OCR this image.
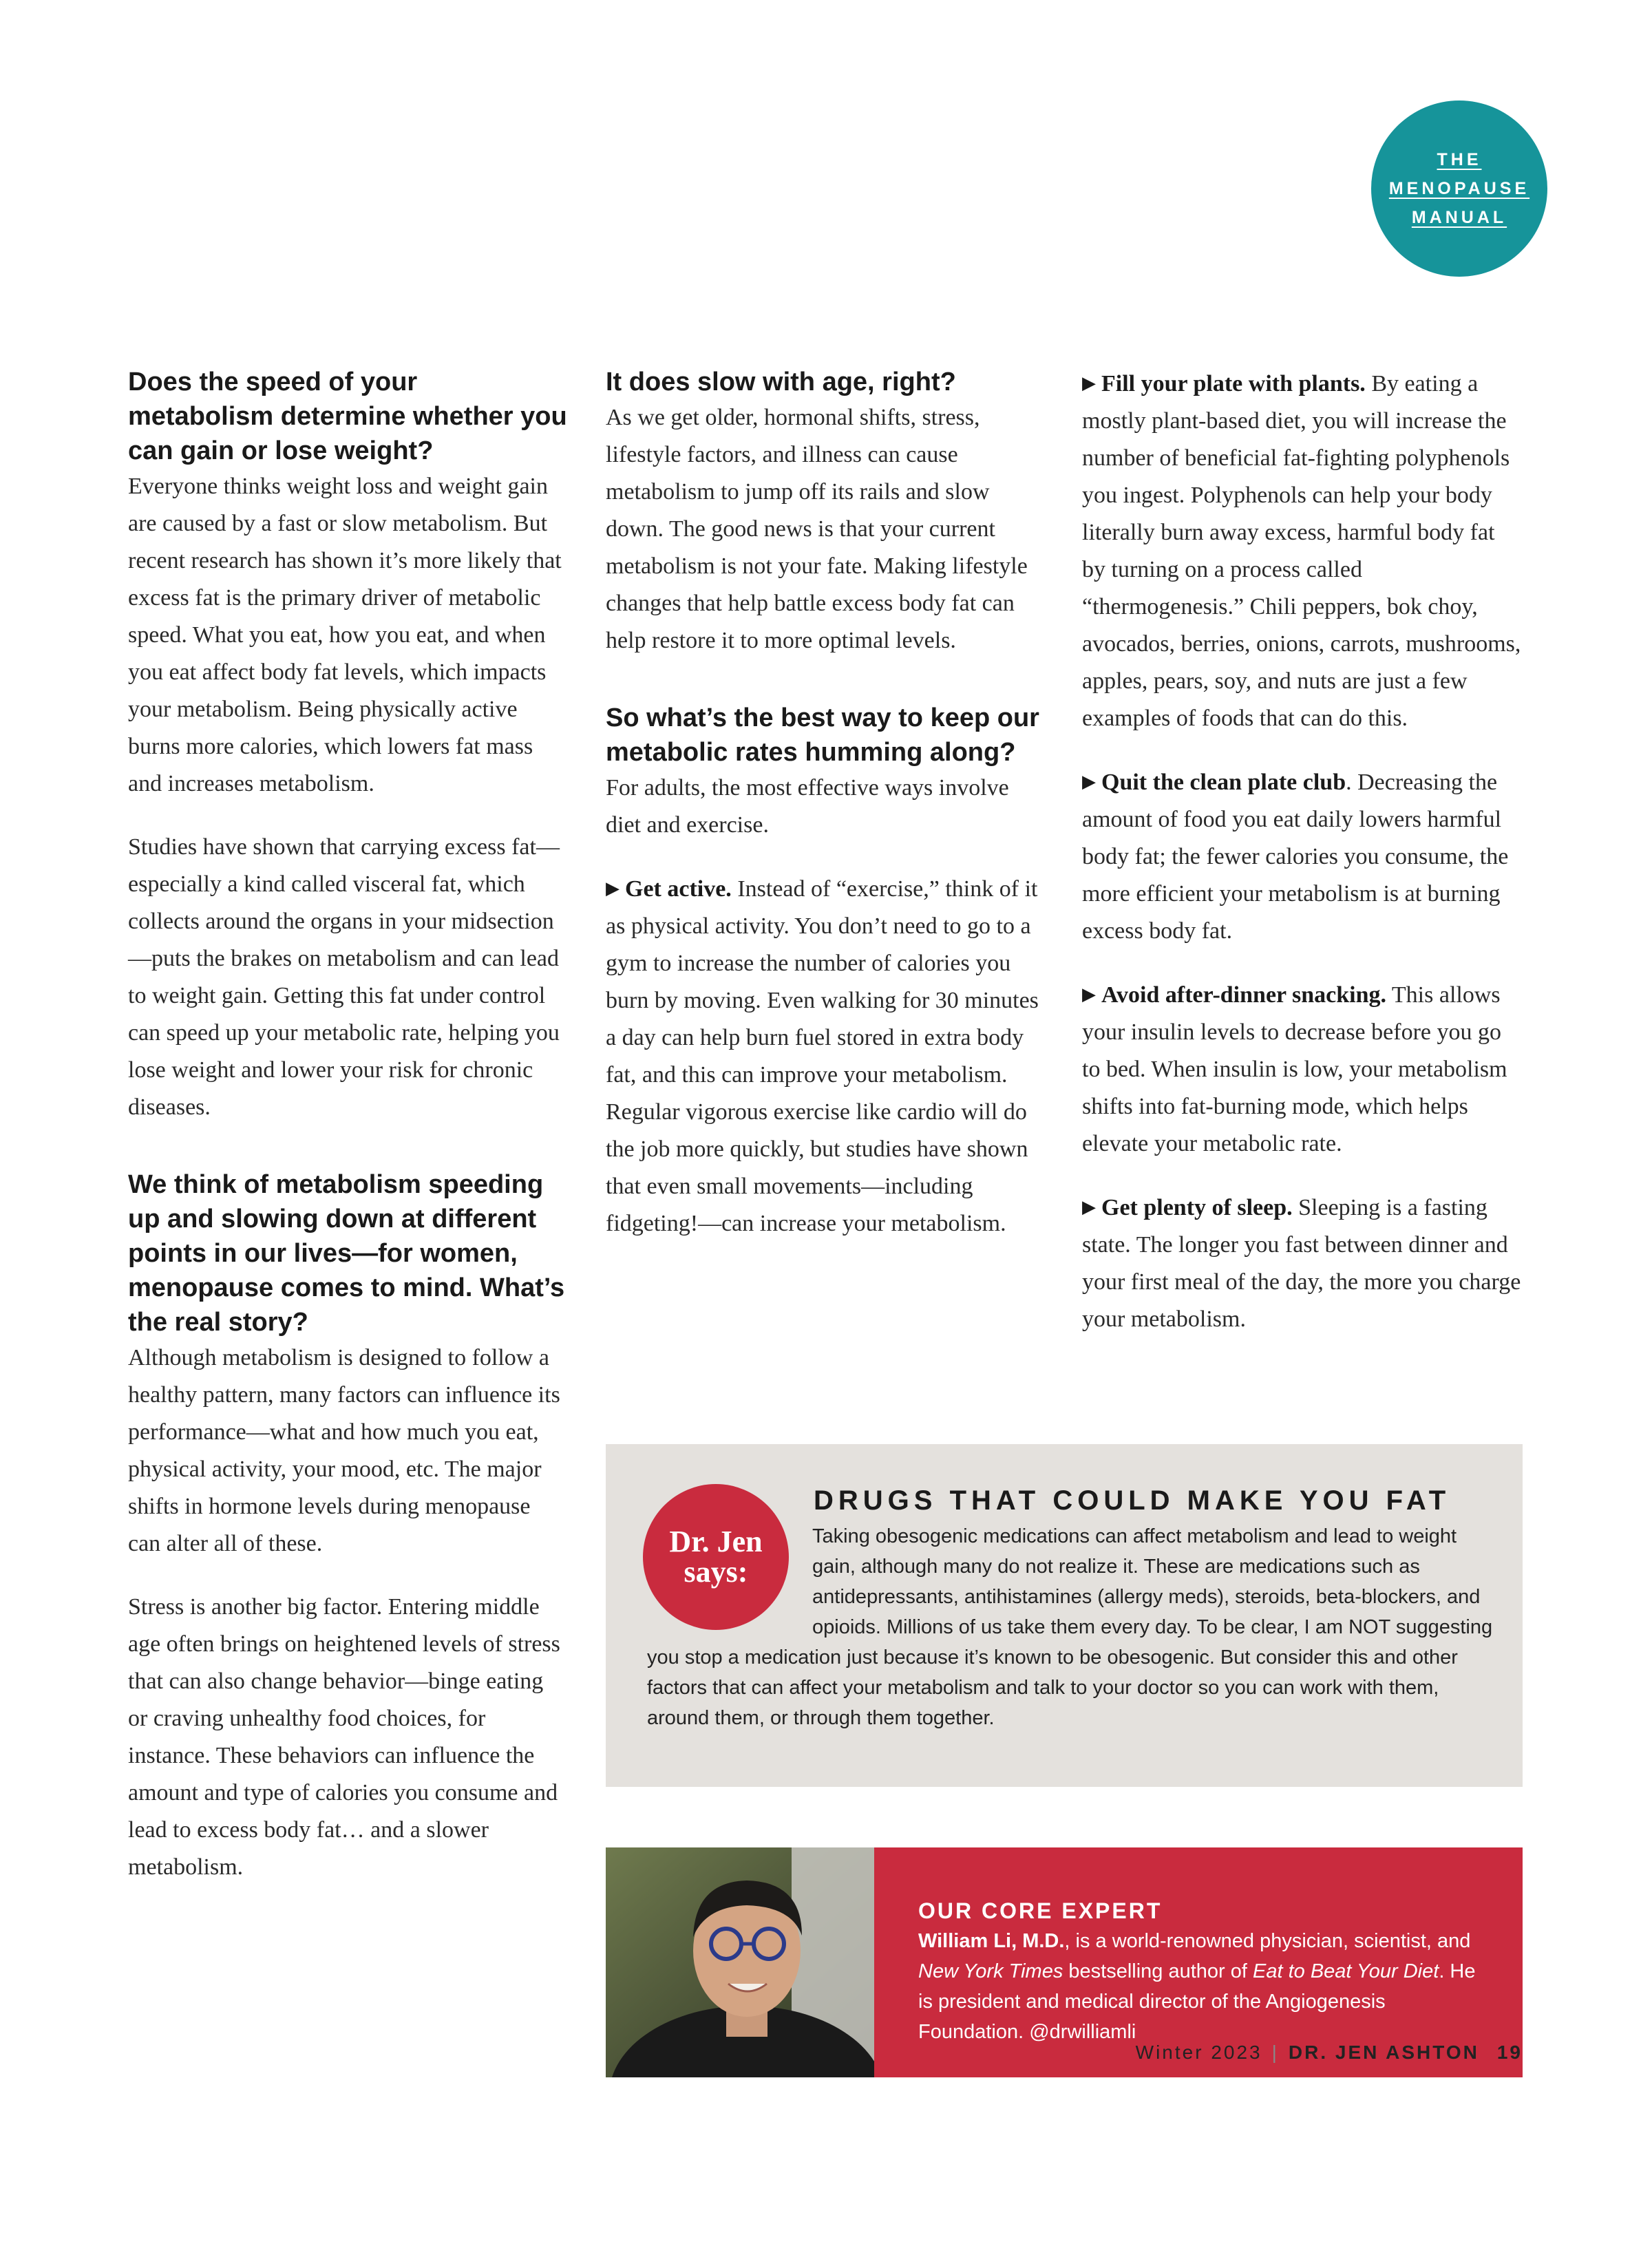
THE
MENOPAUSE
MANUAL
Does the speed of your metabolism determine whether you can gain or lose weight?

Everyone thinks weight loss and weight gain are caused by a fast or slow metabolism. But recent research has shown it’s more likely that excess fat is the primary driver of metabolic speed. What you eat, how you eat, and when you eat affect body fat levels, which impacts your metabolism. Being physically active burns more calories, which lowers fat mass and increases metabolism.

Studies have shown that carrying excess fat—especially a kind called visceral fat, which collects around the organs in your midsection—puts the brakes on metabolism and can lead to weight gain. Getting this fat under control can speed up your metabolic rate, helping you lose weight and lower your risk for chronic diseases.

We think of metabolism speeding up and slowing down at different points in our lives—for women, menopause comes to mind. What’s the real story?

Although metabolism is designed to follow a healthy pattern, many factors can influence its performance—what and how much you eat, physical activity, your mood, etc. The major shifts in hormone levels during menopause can alter all of these.

Stress is another big factor. Entering middle age often brings on heightened levels of stress that can also change behavior—binge eating or craving unhealthy food choices, for instance. These behaviors can influence the amount and type of calories you consume and lead to excess body fat… and a slower metabolism.

It does slow with age, right?

As we get older, hormonal shifts, stress, lifestyle factors, and illness can cause metabolism to jump off its rails and slow down. The good news is that your current metabolism is not your fate. Making lifestyle changes that help battle excess body fat can help restore it to more optimal levels.

So what’s the best way to keep our metabolic rates humming along?

For adults, the most effective ways involve diet and exercise.

▶ Get active. Instead of “exercise,” think of it as physical activity. You don’t need to go to a gym to increase the number of calories you burn by moving. Even walking for 30 minutes a day can help burn fuel stored in extra body fat, and this can improve your metabolism. Regular vigorous exercise like cardio will do the job more quickly, but studies have shown that even small movements—including fidgeting!—can increase your metabolism.

▶ Fill your plate with plants. By eating a mostly plant-based diet, you will increase the number of beneficial fat-fighting polyphenols you ingest. Polyphenols can help your body literally burn away excess, harmful body fat by turning on a process called “thermogenesis.” Chili peppers, bok choy, avocados, berries, onions, carrots, mushrooms, apples, pears, soy, and nuts are just a few examples of foods that can do this.

▶ Quit the clean plate club. Decreasing the amount of food you eat daily lowers harmful body fat; the fewer calories you consume, the more efficient your metabolism is at burning excess body fat.

▶ Avoid after-dinner snacking. This allows your insulin levels to decrease before you go to bed. When insulin is low, your metabolism shifts into fat-burning mode, which helps elevate your metabolic rate.

▶ Get plenty of sleep. Sleeping is a fasting state. The longer you fast between dinner and your first meal of the day, the more you charge your metabolism.

Dr. Jen
says:
DRUGS THAT COULD MAKE YOU FAT
Taking obesogenic medications can affect metabolism and lead to weight gain, although many do not realize it. These are medications such as antidepressants, antihistamines (allergy meds), steroids, beta-blockers, and opioids. Millions of us take them every day. To be clear, I am NOT suggesting you stop a medication just because it’s known to be obesogenic. But consider this and other factors that can affect your metabolism and talk to your doctor so you can work with them, around them, or through them together.
OUR CORE EXPERT
William Li, M.D., is a world-renowned physician, scientist, and New York Times bestselling author of Eat to Beat Your Diet. He is president and medical director of the Angiogenesis Foundation. @drwilliamli
Winter 2023 | DR. JEN ASHTON 19
